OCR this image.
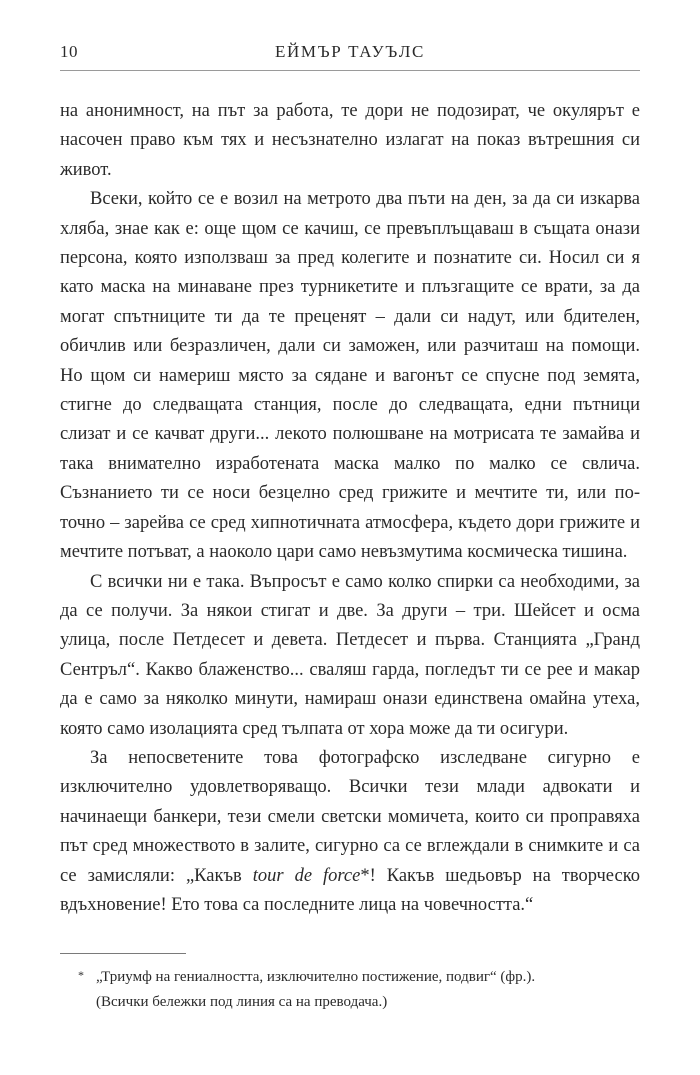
10	ЕЙМЪР ТАУЪЛС

на анонимност, на път за работа, те дори не подозират, че окулярът е насочен право към тях и несъзнателно излагат на показ вътрешния си живот.

Всеки, който се е возил на метрото два пъти на ден, за да си изкарва хляба, знае как е: още щом се качиш, се превъплъщаваш в същата онази персона, която използваш за пред колегите и познатите си. Носил си я като маска на минаване през турникетите и плъзгащите се врати, за да могат спътниците ти да те преценят – дали си надут, или бдителен, обичлив или безразличен, дали си заможен, или разчиташ на помощи. Но щом си намериш място за сядане и вагонът се спусне под земята, стигне до следващата станция, после до следващата, едни пътници слизат и се качват други... лекото полюшване на мотрисата те замайва и така внимателно изработената маска малко по малко се свлича. Съзнанието ти се носи безцелно сред грижите и мечтите ти, или по-точно – зарейва се сред хипнотичната атмосфера, където дори грижите и мечтите потъват, а наоколо цари само невъзмутима космическа тишина.

С всички ни е така. Въпросът е само колко спирки са необходими, за да се получи. За някои стигат и две. За други – три. Шейсет и осма улица, после Петдесет и девета. Петдесет и първа. Станцията „Гранд Сентръл“. Какво блаженство... сваляш гарда, погледът ти се рее и макар да е само за няколко минути, намираш онази единствена омайна утеха, която само изолацията сред тълпата от хора може да ти осигури.

За непосветените това фотографско изследване сигурно е изключително удовлетворяващо. Всички тези млади адвокати и начинаещи банкери, тези смели светски момичета, които си проправяха път сред множеството в залите, сигурно са се вглеждали в снимките и са се замисляли: „Какъв tour de force*! Какъв шедьовър на творческо вдъхновение! Ето това са последните лица на човечността.“

* „Триумф на гениалността, изключително постижение, подвиг“ (фр.).
(Всички бележки под линия са на преводача.)
